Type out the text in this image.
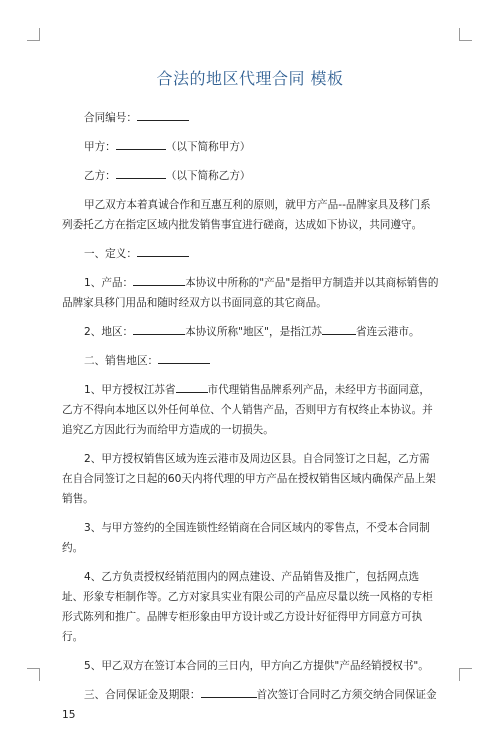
合法的地区代理合同 模板

合同编号：

甲方：	（以下简称甲方）

乙方：	（以下简称乙方）

甲乙双方本着真诚合作和互惠互利的原则，就甲方产品--品牌家具及移门系列委托乙方在指定区域内批发销售事宜进行磋商，达成如下协议，共同遵守。

一、定义：

1、产品：	本协议中所称的"产品"是指甲方制造并以其商标销售的品牌家具移门用品和随时经双方以书面同意的其它商品。

2、地区：	本协议所称"地区"，是指江苏	省连云港市。

二、销售地区：

1、甲方授权江苏省	市代理销售品牌系列产品，未经甲方书面同意，乙方不得向本地区以外任何单位、个人销售产品，否则甲方有权终止本协议。并追究乙方因此行为而给甲方造成的一切损失。

2、甲方授权销售区域为连云港市及周边区县。自合同签订之日起，乙方需在自合同签订之日起的60天内将代理的甲方产品在授权销售区域内确保产品上架销售。

3、与甲方签约的全国连锁性经销商在合同区域内的零售点，不受本合同制约。

4、乙方负责授权经销范围内的网点建设、产品销售及推广，包括网点选址、形象专柜制作等。乙方对家具实业有限公司的产品应尽量以统一风格的专柜形式陈列和推广。品牌专柜形象由甲方设计或乙方设计好征得甲方同意方可执行。

5、甲乙双方在签订本合同的三日内，甲方向乙方提供"产品经销授权书"。

三、合同保证金及期限：	首次签订合同时乙方须交纳合同保证金15
